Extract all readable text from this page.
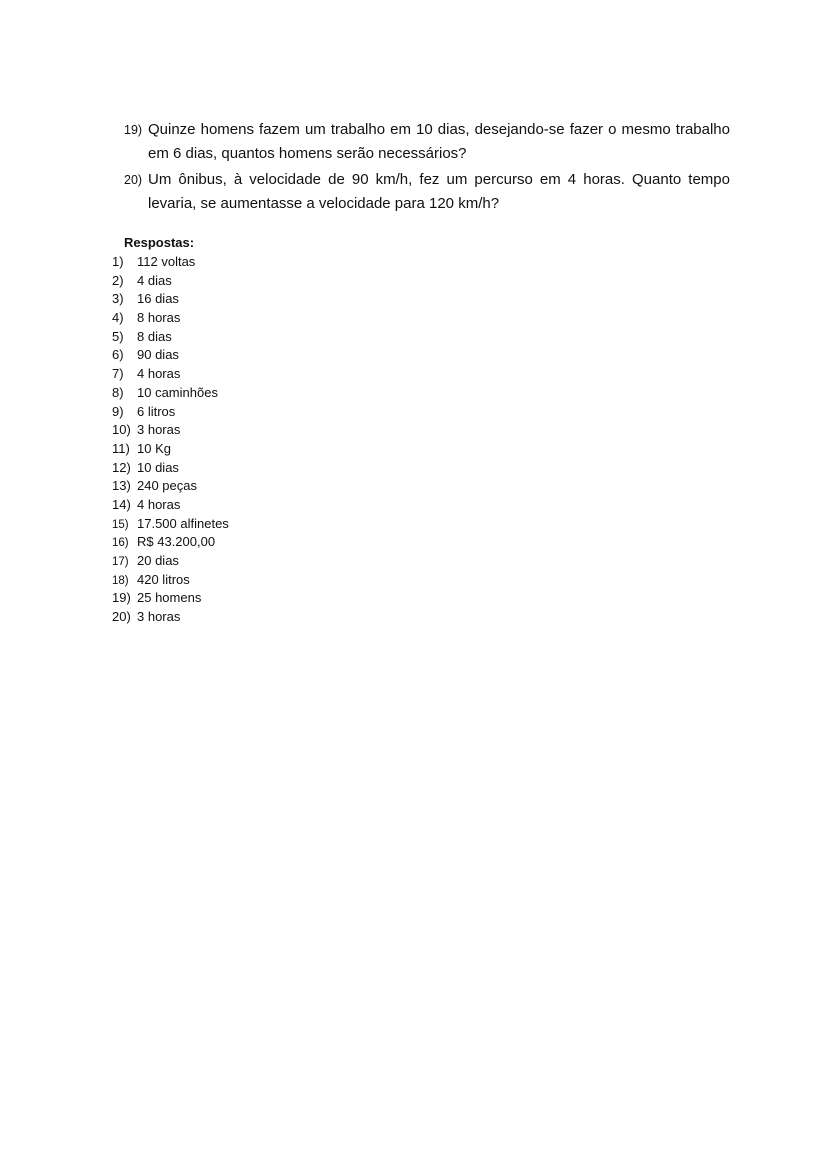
19) Quinze homens fazem um trabalho em 10 dias, desejando-se fazer o mesmo trabalho em 6 dias, quantos homens serão necessários?
20) Um ônibus, à velocidade de 90 km/h, fez um percurso em 4 horas. Quanto tempo levaria, se aumentasse a velocidade para 120 km/h?
Respostas:
1) 112 voltas
2) 4 dias
3) 16 dias
4) 8 horas
5) 8 dias
6) 90 dias
7) 4 horas
8) 10 caminhões
9) 6 litros
10) 3 horas
11) 10 Kg
12) 10 dias
13) 240 peças
14) 4 horas
15) 17.500 alfinetes
16) R$ 43.200,00
17) 20 dias
18) 420 litros
19) 25 homens
20) 3 horas
